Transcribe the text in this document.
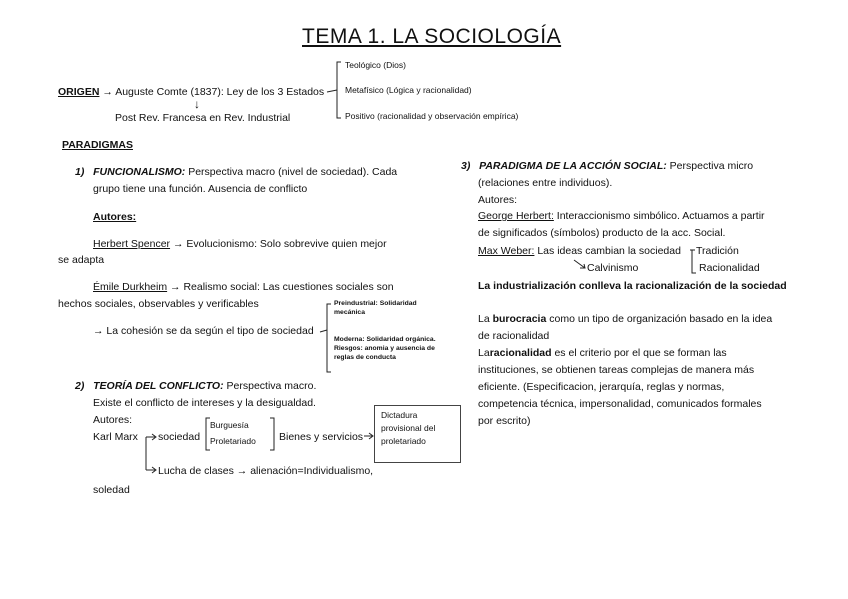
TEMA 1. LA SOCIOLOGÍA
ORIGEN → Auguste Comte (1837): Ley de los 3 Estados
↓
Post Rev. Francesa en Rev. Industrial
Teológico (Dios)
Metafísico (Lógica y racionalidad)
Positivo (racionalidad y observación empírica)
PARADIGMAS
1) FUNCIONALISMO: Perspectiva macro (nivel de sociedad). Cada
grupo tiene una función. Ausencia de conflicto
Autores:
Herbert Spencer → Evolucionismo: Solo sobrevive quien mejor
se adapta
Émile Durkheim → Realismo social: Las cuestiones sociales son
hechos sociales, observables y verificables
→ La cohesión se da según el tipo de sociedad
Preindustrial: Solidaridad mecánica
Moderna: Solidaridad orgánica. Riesgos: anomia y ausencia de reglas de conducta
2) TEORÍA DEL CONFLICTO: Perspectiva macro.
Existe el conflicto de intereses y la desigualdad.
Autores:
Karl Marx sociedad
Burguesía
Proletariado Bienes y servicios
Dictadura
provisional del
proletariado
Lucha de clases → alienación=Individualismo,
soledad
3) PARADIGMA DE LA ACCIÓN SOCIAL: Perspectiva micro
(relaciones entre individuos).
Autores:
George Herbert: Interaccionismo simbólico. Actuamos a partir
de significados (símbolos) producto de la acc. Social.
Max Weber: Las ideas cambian la sociedad Tradición
Calvinismo	Racionalidad
La industrialización conlleva la racionalización de la sociedad
La burocracia como un tipo de organización basado en la idea
de racionalidad
Laracionalidad es el criterio por el que se forman las
instituciones, se obtienen tareas complejas de manera más
eficiente. (Especificacion, jerarquía, reglas y normas,
competencia técnica, impersonalidad, comunicados formales
por escrito)
